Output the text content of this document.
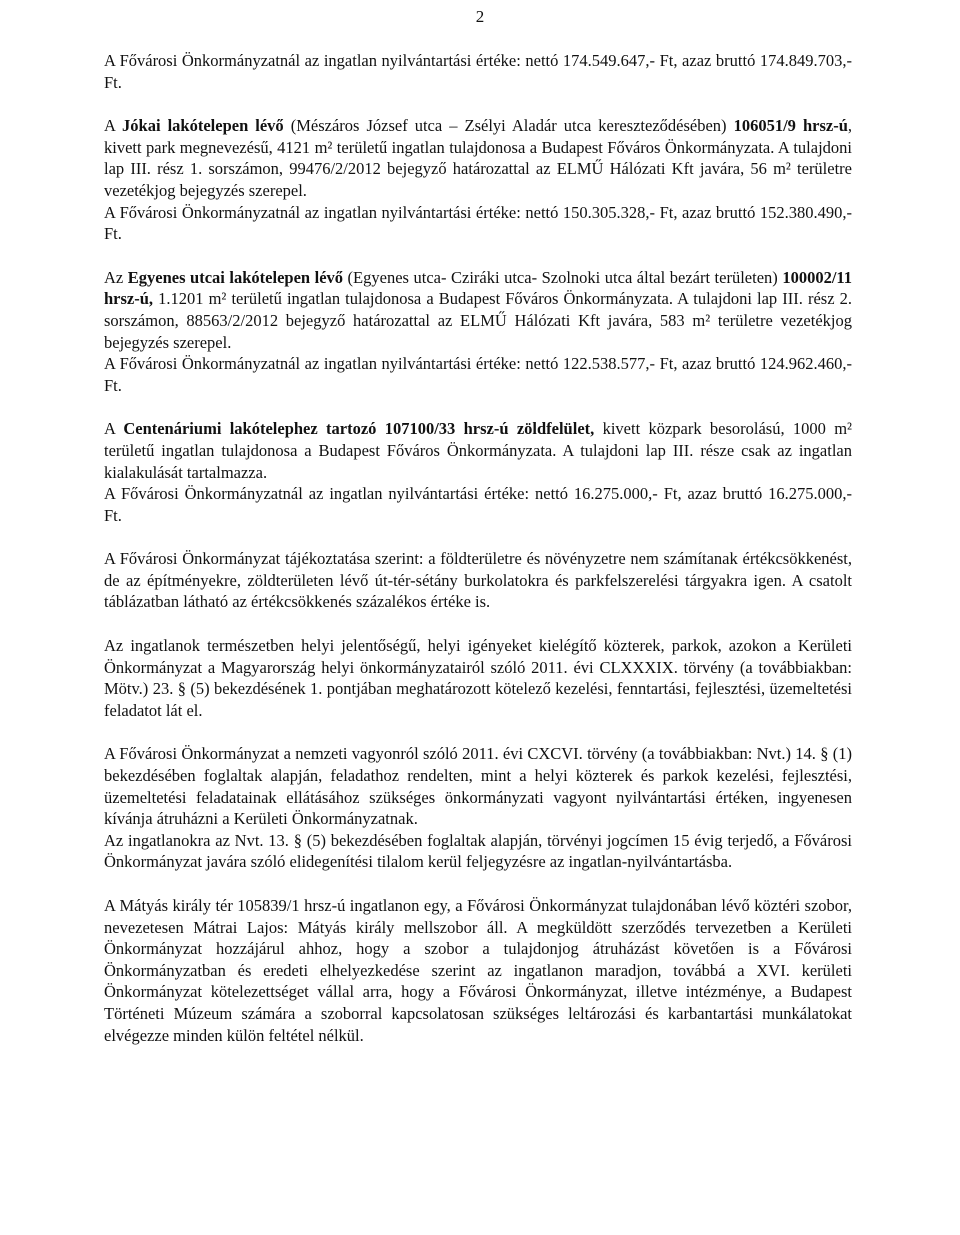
2

A Fővárosi Önkormányzatnál az ingatlan nyilvántartási értéke: nettó 174.549.647,- Ft, azaz bruttó 174.849.703,- Ft.

A Jókai lakótelepen lévő (Mészáros József utca – Zsélyi Aladár utca kereszteződésében) 106051/9 hrsz-ú, kivett park megnevezésű, 4121 m² területű ingatlan tulajdonosa a Budapest Főváros Önkormányzata. A tulajdoni lap III. rész 1. sorszámon, 99476/2/2012 bejegyző határozattal az ELMŰ Hálózati Kft javára, 56 m² területre vezetékjog bejegyzés szerepel.

A Fővárosi Önkormányzatnál az ingatlan nyilvántartási értéke: nettó 150.305.328,- Ft, azaz bruttó 152.380.490,- Ft.

Az Egyenes utcai lakótelepen lévő (Egyenes utca- Cziráki utca- Szolnoki utca által bezárt területen) 100002/11 hrsz-ú, 1.1201 m² területű ingatlan tulajdonosa a Budapest Főváros Önkormányzata. A tulajdoni lap III. rész 2. sorszámon, 88563/2/2012 bejegyző határozattal az ELMŰ Hálózati Kft javára, 583 m² területre vezetékjog bejegyzés szerepel.

A Fővárosi Önkormányzatnál az ingatlan nyilvántartási értéke: nettó 122.538.577,- Ft, azaz bruttó 124.962.460,- Ft.

A Centenáriumi lakótelephez tartozó 107100/33 hrsz-ú zöldfelület, kivett közpark besorolású, 1000 m² területű ingatlan tulajdonosa a Budapest Főváros Önkormányzata. A tulajdoni lap III. része csak az ingatlan kialakulását tartalmazza.

A Fővárosi Önkormányzatnál az ingatlan nyilvántartási értéke: nettó 16.275.000,- Ft, azaz bruttó 16.275.000,- Ft.

A Fővárosi Önkormányzat tájékoztatása szerint: a földterületre és növényzetre nem számítanak értékcsökkenést, de az építményekre, zöldterületen lévő út-tér-sétány burkolatokra és parkfelszerelési tárgyakra igen. A csatolt táblázatban látható az értékcsökkenés százalékos értéke is.

Az ingatlanok természetben helyi jelentőségű, helyi igényeket kielégítő közterek, parkok, azokon a Kerületi Önkormányzat a Magyarország helyi önkormányzatairól szóló 2011. évi CLXXXIX. törvény (a továbbiakban: Mötv.) 23. § (5) bekezdésének 1. pontjában meghatározott kötelező kezelési, fenntartási, fejlesztési, üzemeltetési feladatot lát el.

A Fővárosi Önkormányzat a nemzeti vagyonról szóló 2011. évi CXCVI. törvény (a továbbiakban: Nvt.) 14. § (1) bekezdésében foglaltak alapján, feladathoz rendelten, mint a helyi közterek és parkok kezelési, fejlesztési, üzemeltetési feladatainak ellátásához szükséges önkormányzati vagyont nyilvántartási értéken, ingyenesen kívánja átruházni a Kerületi Önkormányzatnak.

Az ingatlanokra az Nvt. 13. § (5) bekezdésében foglaltak alapján, törvényi jogcímen 15 évig terjedő, a Fővárosi Önkormányzat javára szóló elidegenítési tilalom kerül feljegyzésre az ingatlan-nyilvántartásba.

A Mátyás király tér 105839/1 hrsz-ú ingatlanon egy, a Fővárosi Önkormányzat tulajdonában lévő köztéri szobor, nevezetesen Mátrai Lajos: Mátyás király mellszobor áll. A megküldött szerződés tervezetben a Kerületi Önkormányzat hozzájárul ahhoz, hogy a szobor a tulajdonjog átruházást követően is a Fővárosi Önkormányzatban és eredeti elhelyezkedése szerint az ingatlanon maradjon, továbbá a XVI. kerületi Önkormányzat kötelezettséget vállal arra, hogy a Fővárosi Önkormányzat, illetve intézménye, a Budapest Történeti Múzeum számára a szoborral kapcsolatosan szükséges leltározási és karbantartási munkálatokat elvégezze minden külön feltétel nélkül.
